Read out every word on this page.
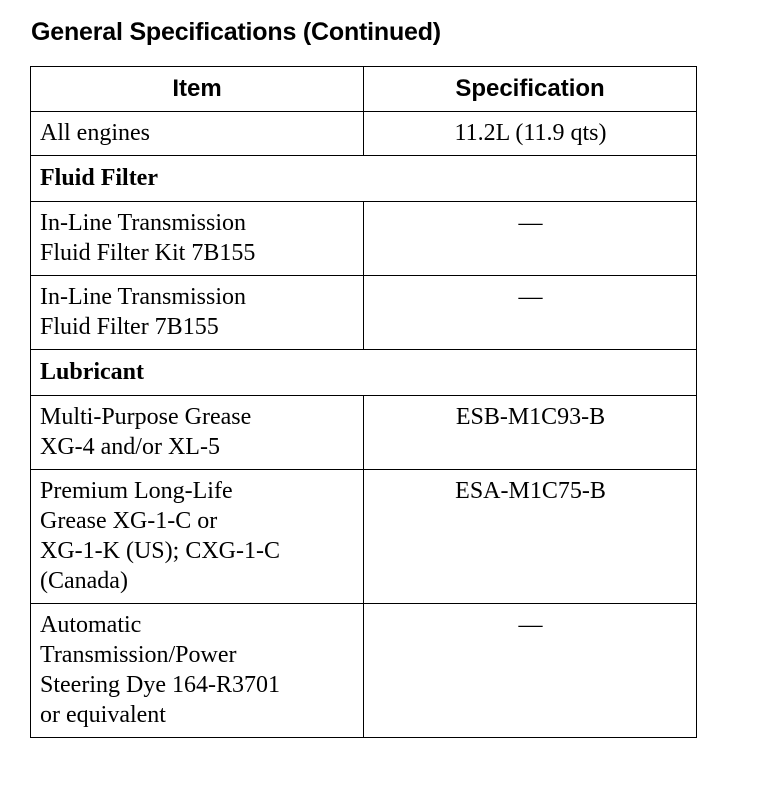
General Specifications (Continued)
Item	Specification
All engines	11.2L (11.9 qts)
Fluid Filter	
In-Line Transmission
Fluid Filter Kit 7B155	—
In-Line Transmission
Fluid Filter 7B155	—
Lubricant	
Multi-Purpose Grease
XG-4 and/or XL-5	ESB-M1C93-B
Premium Long-Life
Grease XG-1-C or
XG-1-K (US); CXG-1-C
(Canada)	ESA-M1C75-B
Automatic
Transmission/Power
Steering Dye 164-R3701
or equivalent	—
